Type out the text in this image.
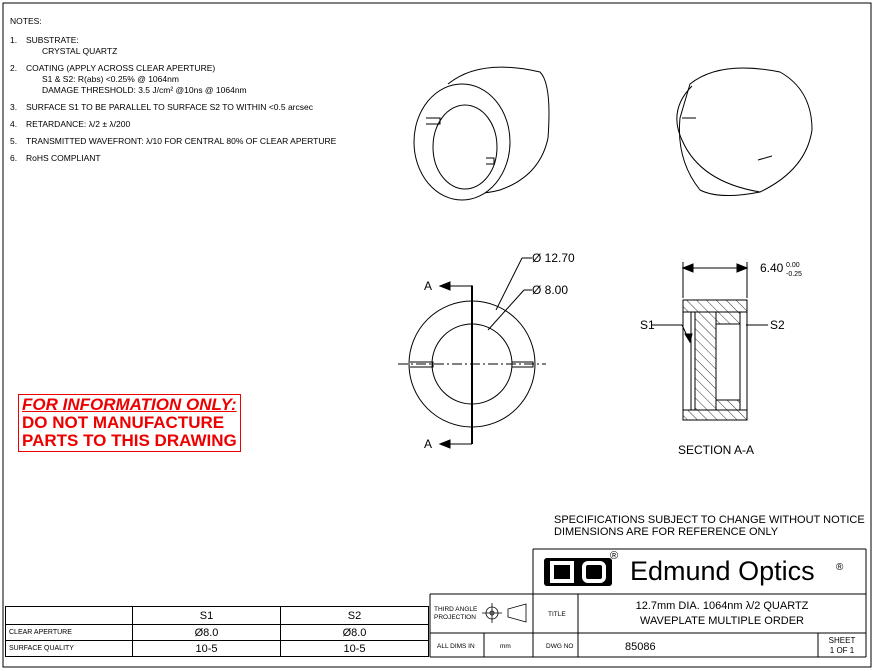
NOTES:
1.	SUBSTRATE:
CRYSTAL QUARTZ
2.	COATING (APPLY ACROSS CLEAR APERTURE)
S1 & S2: R(abs) <0.25% @ 1064nm
DAMAGE THRESHOLD: 3.5 J/cm² @10ns @ 1064nm
3.	SURFACE S1 TO BE PARALLEL TO SURFACE S2 TO WITHIN <0.5 arcsec
4.	RETARDANCE: λ/2 ± λ/200
5.	TRANSMITTED WAVEFRONT: λ/10 FOR CENTRAL 80% OF CLEAR APERTURE
6.	RoHS COMPLIANT
FOR INFORMATION ONLY:
DO NOT MANUFACTURE
PARTS TO THIS DRAWING
Ø 12.70
Ø 8.00
A
A
6.40 0.00
-0.25
S1	S2
SECTION A-A
THIRD ANGLE PROJECTION	TITLE
12.7mm DIA. 1064nm λ/2 QUARTZ
WAVEPLATE MULTIPLE ORDER
ALL DIMS IN	mm	DWG NO	85086
SHEET
1 OF 1
SPECIFICATIONS SUBJECT TO CHANGE WITHOUT NOTICE
DIMENSIONS ARE FOR REFERENCE ONLY
® Edmund Optics ®
	S1	S2
CLEAR APERTURE	Ø8.0	Ø8.0
SURFACE QUALITY	10-5	10-5
